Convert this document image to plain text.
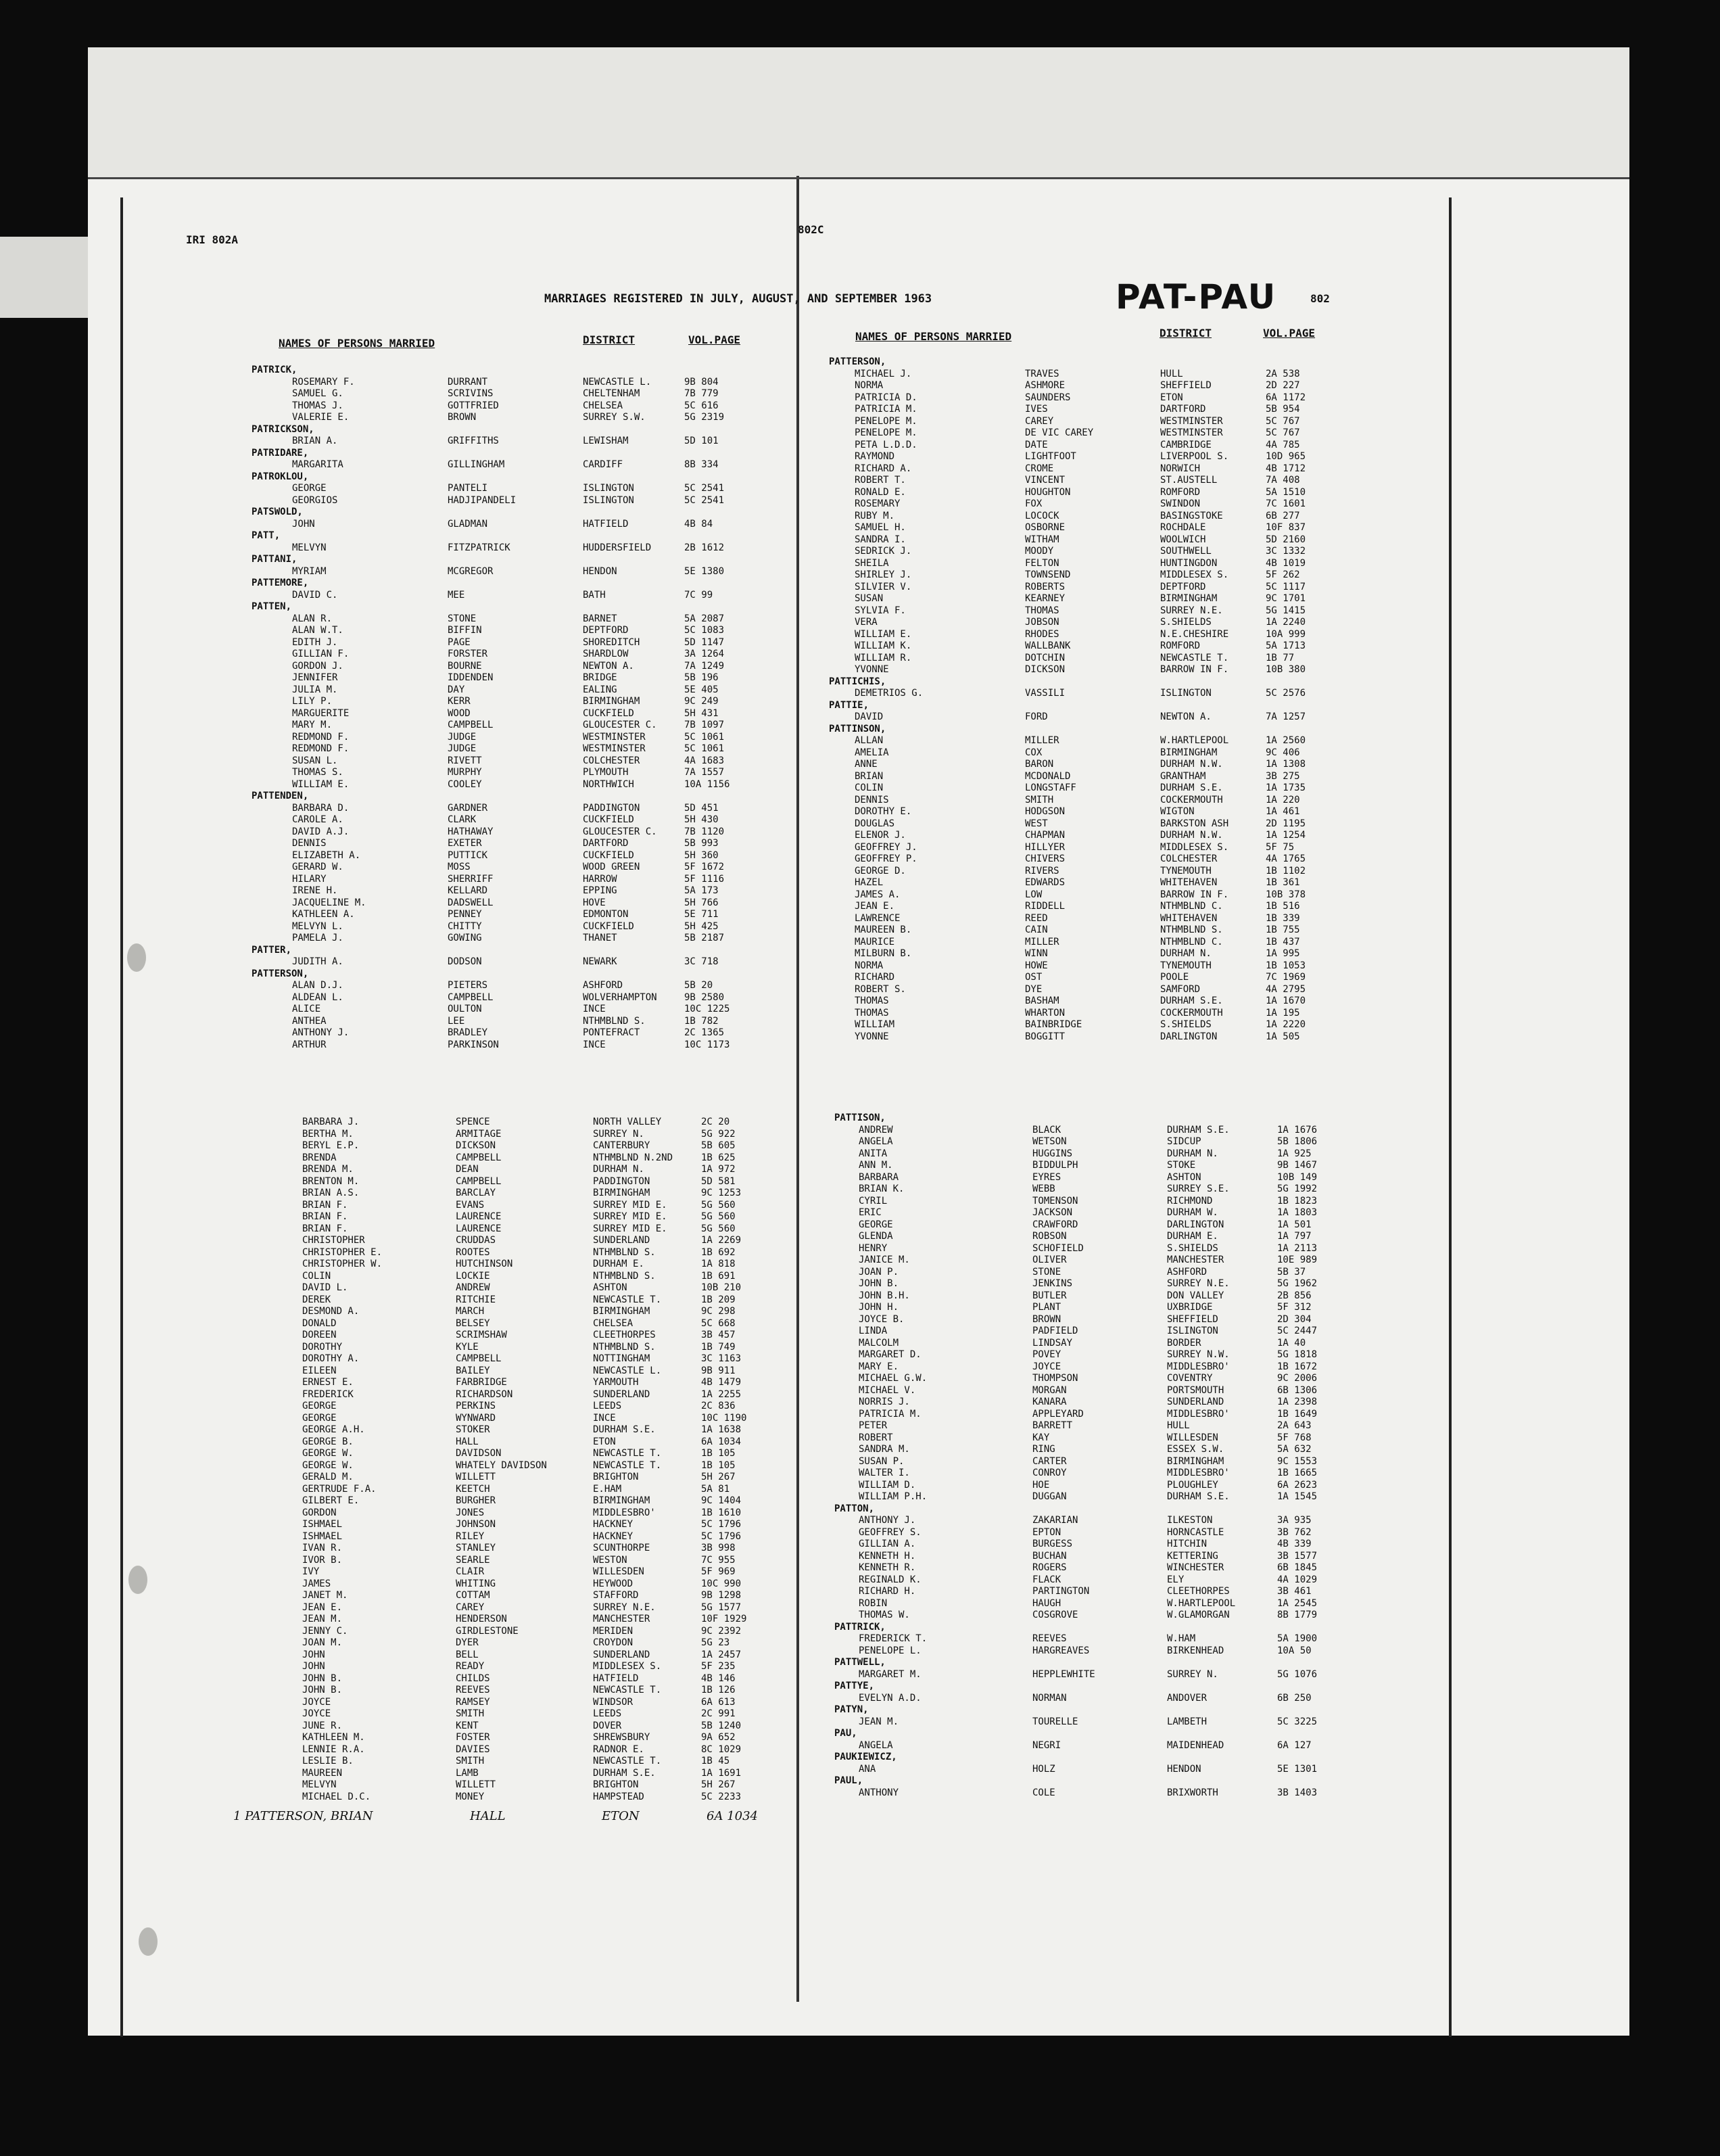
IRI 802A
802C
MARRIAGES REGISTERED IN JULY, AUGUST, AND SEPTEMBER 1963	PAT-PAU	802
NAMES OF PERSONS MARRIED	DISTRICT	VOL.PAGE	NAMES OF PERSONS MARRIED	DISTRICT	VOL.PAGE
PATRICK,
ROSEMARY F.	DURRANT	NEWCASTLE L.	9B 804
SAMUEL G.	SCRIVINS	CHELTENHAM	7B 779
THOMAS J.	GOTTFRIED	CHELSEA	5C 616
VALERIE E.	BROWN	SURREY S.W.	5G 2319
PATRICKSON,
BRIAN A.	GRIFFITHS	LEWISHAM	5D 101
PATRIDARE,
MARGARITA	GILLINGHAM	CARDIFF	8B 334
PATROKLOU,
GEORGE	PANTELI	ISLINGTON	5C 2541
GEORGIOS	HADJIPANDELI	ISLINGTON	5C 2541
PATSWOLD,
JOHN	GLADMAN	HATFIELD	4B 84
PATT,
MELVYN	FITZPATRICK	HUDDERSFIELD	2B 1612
PATTANI,
MYRIAM	MCGREGOR	HENDON	5E 1380
PATTEMORE,
DAVID C.	MEE	BATH	7C 99
PATTEN,
ALAN R.	STONE	BARNET	5A 2087
ALAN W.T.	BIFFIN	DEPTFORD	5C 1083
EDITH J.	PAGE	SHOREDITCH	5D 1147
GILLIAN F.	FORSTER	SHARDLOW	3A 1264
GORDON J.	BOURNE	NEWTON A.	7A 1249
JENNIFER	IDDENDEN	BRIDGE	5B 196
JULIA M.	DAY	EALING	5E 405
LILY P.	KERR	BIRMINGHAM	9C 249
MARGUERITE	WOOD	CUCKFIELD	5H 431
MARY M.	CAMPBELL	GLOUCESTER C.	7B 1097
REDMOND F.	JUDGE	WESTMINSTER	5C 1061
REDMOND F.	JUDGE	WESTMINSTER	5C 1061
SUSAN L.	RIVETT	COLCHESTER	4A 1683
THOMAS S.	MURPHY	PLYMOUTH	7A 1557
WILLIAM E.	COOLEY	NORTHWICH	10A 1156
PATTENDEN,
BARBARA D.	GARDNER	PADDINGTON	5D 451
CAROLE A.	CLARK	CUCKFIELD	5H 430
DAVID A.J.	HATHAWAY	GLOUCESTER C.	7B 1120
DENNIS	EXETER	DARTFORD	5B 993
ELIZABETH A.	PUTTICK	CUCKFIELD	5H 360
GERARD W.	MOSS	WOOD GREEN	5F 1672
HILARY	SHERRIFF	HARROW	5F 1116
IRENE H.	KELLARD	EPPING	5A 173
JACQUELINE M.	DADSWELL	HOVE	5H 766
KATHLEEN A.	PENNEY	EDMONTON	5E 711
MELVYN L.	CHITTY	CUCKFIELD	5H 425
PAMELA J.	GOWING	THANET	5B 2187
PATTER,
JUDITH A.	DODSON	NEWARK	3C 718
PATTERSON,
ALAN D.J.	PIETERS	ASHFORD	5B 20
ALDEAN L.	CAMPBELL	WOLVERHAMPTON	9B 2580
ALICE	OULTON	INCE	10C 1225
ANTHEA	LEE	NTHMBLND S.	1B 782
ANTHONY J.	BRADLEY	PONTEFRACT	2C 1365
ARTHUR	PARKINSON	INCE	10C 1173
BARBARA J.	SPENCE	NORTH VALLEY	2C 20
BERTHA M.	ARMITAGE	SURREY N.	5G 922
BERYL E.P.	DICKSON	CANTERBURY	5B 605
BRENDA	CAMPBELL	NTHMBLND N.2ND	1B 625
BRENDA M.	DEAN	DURHAM N.	1A 972
BRENTON M.	CAMPBELL	PADDINGTON	5D 581
BRIAN A.S.	BARCLAY	BIRMINGHAM	9C 1253
BRIAN F.	EVANS	SURREY MID E.	5G 560
BRIAN F.	LAURENCE	SURREY MID E.	5G 560
BRIAN F.	LAURENCE	SURREY MID E.	5G 560
CHRISTOPHER	CRUDDAS	SUNDERLAND	1A 2269
CHRISTOPHER E.	ROOTES	NTHMBLND S.	1B 692
CHRISTOPHER W.	HUTCHINSON	DURHAM E.	1A 818
COLIN	LOCKIE	NTHMBLND S.	1B 691
DAVID L.	ANDREW	ASHTON	10B 210
DEREK	RITCHIE	NEWCASTLE T.	1B 209
DESMOND A.	MARCH	BIRMINGHAM	9C 298
DONALD	BELSEY	CHELSEA	5C 668
DOREEN	SCRIMSHAW	CLEETHORPES	3B 457
DOROTHY	KYLE	NTHMBLND S.	1B 749
DOROTHY A.	CAMPBELL	NOTTINGHAM	3C 1163
EILEEN	BAILEY	NEWCASTLE L.	9B 911
ERNEST E.	FARBRIDGE	YARMOUTH	4B 1479
FREDERICK	RICHARDSON	SUNDERLAND	1A 2255
GEORGE	PERKINS	LEEDS	2C 836
GEORGE	WYNWARD	INCE	10C 1190
GEORGE A.H.	STOKER	DURHAM S.E.	1A 1638
GEORGE B.	HALL	ETON	6A 1034
GEORGE W.	DAVIDSON	NEWCASTLE T.	1B 105
GEORGE W.	WHATELY DAVIDSON	NEWCASTLE T.	1B 105
GERALD M.	WILLETT	BRIGHTON	5H 267
GERTRUDE F.A.	KEETCH	E.HAM	5A 81
GILBERT E.	BURGHER	BIRMINGHAM	9C 1404
GORDON	JONES	MIDDLESBRO'	1B 1610
ISHMAEL	JOHNSON	HACKNEY	5C 1796
ISHMAEL	RILEY	HACKNEY	5C 1796
IVAN R.	STANLEY	SCUNTHORPE	3B 998
IVOR B.	SEARLE	WESTON	7C 955
IVY	CLAIR	WILLESDEN	5F 969
JAMES	WHITING	HEYWOOD	10C 990
JANET M.	COTTAM	STAFFORD	9B 1298
JEAN E.	CAREY	SURREY N.E.	5G 1577
JEAN M.	HENDERSON	MANCHESTER	10F 1929
JENNY C.	GIRDLESTONE	MERIDEN	9C 2392
JOAN M.	DYER	CROYDON	5G 23
JOHN	BELL	SUNDERLAND	1A 2457
JOHN	READY	MIDDLESEX S.	5F 235
JOHN B.	CHILDS	HATFIELD	4B 146
JOHN B.	REEVES	NEWCASTLE T.	1B 126
JOYCE	RAMSEY	WINDSOR	6A 613
JOYCE	SMITH	LEEDS	2C 991
JUNE R.	KENT	DOVER	5B 1240
KATHLEEN M.	FOSTER	SHREWSBURY	9A 652
LENNIE R.A.	DAVIES	RADNOR E.	8C 1029
LESLIE B.	SMITH	NEWCASTLE T.	1B 45
MAUREEN	LAMB	DURHAM S.E.	1A 1691
MELVYN	WILLETT	BRIGHTON	5H 267
MICHAEL D.C.	MONEY	HAMPSTEAD	5C 2233
PATTERSON,
MICHAEL J.	TRAVES	HULL	2A 538
NORMA	ASHMORE	SHEFFIELD	2D 227
PATRICIA D.	SAUNDERS	ETON	6A 1172
PATRICIA M.	IVES	DARTFORD	5B 954
PENELOPE M.	CAREY	WESTMINSTER	5C 767
PENELOPE M.	DE VIC CAREY	WESTMINSTER	5C 767
PETA L.D.D.	DATE	CAMBRIDGE	4A 785
RAYMOND	LIGHTFOOT	LIVERPOOL S.	10D 965
RICHARD A.	CROME	NORWICH	4B 1712
ROBERT T.	VINCENT	ST.AUSTELL	7A 408
RONALD E.	HOUGHTON	ROMFORD	5A 1510
ROSEMARY	FOX	SWINDON	7C 1601
RUBY M.	LOCOCK	BASINGSTOKE	6B 277
SAMUEL H.	OSBORNE	ROCHDALE	10F 837
SANDRA I.	WITHAM	WOOLWICH	5D 2160
SEDRICK J.	MOODY	SOUTHWELL	3C 1332
SHEILA	FELTON	HUNTINGDON	4B 1019
SHIRLEY J.	TOWNSEND	MIDDLESEX S.	5F 262
SILVIER V.	ROBERTS	DEPTFORD	5C 1117
SUSAN	KEARNEY	BIRMINGHAM	9C 1701
SYLVIA F.	THOMAS	SURREY N.E.	5G 1415
VERA	JOBSON	S.SHIELDS	1A 2240
WILLIAM E.	RHODES	N.E.CHESHIRE	10A 999
WILLIAM K.	WALLBANK	ROMFORD	5A 1713
WILLIAM R.	DOTCHIN	NEWCASTLE T.	1B 77
YVONNE	DICKSON	BARROW IN F.	10B 380
PATTICHIS,
DEMETRIOS G.	VASSILI	ISLINGTON	5C 2576
PATTIE,
DAVID	FORD	NEWTON A.	7A 1257
PATTINSON,
ALLAN	MILLER	W.HARTLEPOOL	1A 2560
AMELIA	COX	BIRMINGHAM	9C 406
ANNE	BARON	DURHAM N.W.	1A 1308
BRIAN	MCDONALD	GRANTHAM	3B 275
COLIN	LONGSTAFF	DURHAM S.E.	1A 1735
DENNIS	SMITH	COCKERMOUTH	1A 220
DOROTHY E.	HODGSON	WIGTON	1A 461
DOUGLAS	WEST	BARKSTON ASH	2D 1195
ELENOR J.	CHAPMAN	DURHAM N.W.	1A 1254
GEOFFREY J.	HILLYER	MIDDLESEX S.	5F 75
GEOFFREY P.	CHIVERS	COLCHESTER	4A 1765
GEORGE D.	RIVERS	TYNEMOUTH	1B 1102
HAZEL	EDWARDS	WHITEHAVEN	1B 361
JAMES A.	LOW	BARROW IN F.	10B 378
JEAN E.	RIDDELL	NTHMBLND C.	1B 516
LAWRENCE	REED	WHITEHAVEN	1B 339
MAUREEN B.	CAIN	NTHMBLND S.	1B 755
MAURICE	MILLER	NTHMBLND C.	1B 437
MILBURN B.	WINN	DURHAM N.	1A 995
NORMA	HOWE	TYNEMOUTH	1B 1053
RICHARD	OST	POOLE	7C 1969
ROBERT S.	DYE	SAMFORD	4A 2795
THOMAS	BASHAM	DURHAM S.E.	1A 1670
THOMAS	WHARTON	COCKERMOUTH	1A 195
WILLIAM	BAINBRIDGE	S.SHIELDS	1A 2220
YVONNE	BOGGITT	DARLINGTON	1A 505
PATTISON,
ANDREW	BLACK	DURHAM S.E.	1A 1676
ANGELA	WETSON	SIDCUP	5B 1806
ANITA	HUGGINS	DURHAM N.	1A 925
ANN M.	BIDDULPH	STOKE	9B 1467
BARBARA	EYRES	ASHTON	10B 149
BRIAN K.	WEBB	SURREY S.E.	5G 1992
CYRIL	TOMENSON	RICHMOND	1B 1823
ERIC	JACKSON	DURHAM W.	1A 1803
GEORGE	CRAWFORD	DARLINGTON	1A 501
GLENDA	ROBSON	DURHAM E.	1A 797
HENRY	SCHOFIELD	S.SHIELDS	1A 2113
JANICE M.	OLIVER	MANCHESTER	10E 989
JOAN P.	STONE	ASHFORD	5B 37
JOHN B.	JENKINS	SURREY N.E.	5G 1962
JOHN B.H.	BUTLER	DON VALLEY	2B 856
JOHN H.	PLANT	UXBRIDGE	5F 312
JOYCE B.	BROWN	SHEFFIELD	2D 304
LINDA	PADFIELD	ISLINGTON	5C 2447
MALCOLM	LINDSAY	BORDER	1A 40
MARGARET D.	POVEY	SURREY N.W.	5G 1818
MARY E.	JOYCE	MIDDLESBRO'	1B 1672
MICHAEL G.W.	THOMPSON	COVENTRY	9C 2006
MICHAEL V.	MORGAN	PORTSMOUTH	6B 1306
NORRIS J.	KANARA	SUNDERLAND	1A 2398
PATRICIA M.	APPLEYARD	MIDDLESBRO'	1B 1649
PETER	BARRETT	HULL	2A 643
ROBERT	KAY	WILLESDEN	5F 768
SANDRA M.	RING	ESSEX S.W.	5A 632
SUSAN P.	CARTER	BIRMINGHAM	9C 1553
WALTER I.	CONROY	MIDDLESBRO'	1B 1665
WILLIAM D.	HOE	PLOUGHLEY	6A 2623
WILLIAM P.H.	DUGGAN	DURHAM S.E.	1A 1545
PATTON,
ANTHONY J.	ZAKARIAN	ILKESTON	3A 935
GEOFFREY S.	EPTON	HORNCASTLE	3B 762
GILLIAN A.	BURGESS	HITCHIN	4B 339
KENNETH H.	BUCHAN	KETTERING	3B 1577
KENNETH R.	ROGERS	WINCHESTER	6B 1845
REGINALD K.	FLACK	ELY	4A 1029
RICHARD H.	PARTINGTON	CLEETHORPES	3B 461
ROBIN	HAUGH	W.HARTLEPOOL	1A 2545
THOMAS W.	COSGROVE	W.GLAMORGAN	8B 1779
PATTRICK,
FREDERICK T.	REEVES	W.HAM	5A 1900
PENELOPE L.	HARGREAVES	BIRKENHEAD	10A 50
PATTWELL,
MARGARET M.	HEPPLEWHITE	SURREY N.	5G 1076
PATTYE,
EVELYN A.D.	NORMAN	ANDOVER	6B 250
PATYN,
JEAN M.	TOURELLE	LAMBETH	5C 3225
PAU,
ANGELA	NEGRI	MAIDENHEAD	6A 127
PAUKIEWICZ,
ANA	HOLZ	HENDON	5E 1301
PAUL,
ANTHONY	COLE	BRIXWORTH	3B 1403
1 PATTERSON, BRIAN	HALL	ETON	6A 1034
